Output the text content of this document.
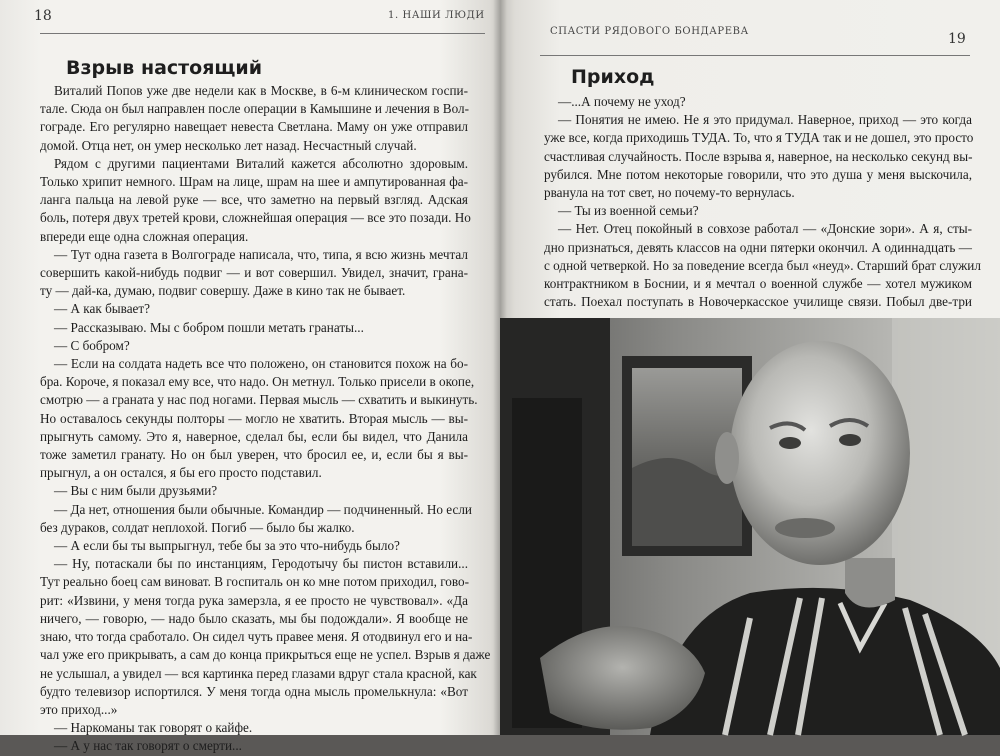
18	1. НАШИ ЛЮДИ
Взрыв настоящий
Виталий Попов уже две недели как в Москве, в 6-м клиническом госпи-
тале. Сюда он был направлен после операции в Камышине и лечения в Вол-
гограде. Его регулярно навещает невеста Светлана. Маму он уже отправил
домой. Отца нет, он умер несколько лет назад. Несчастный случай.
Рядом с другими пациентами Виталий кажется абсолютно здоровым.
Только хрипит немного. Шрам на лице, шрам на шее и ампутированная фа-
ланга пальца на левой руке — все, что заметно на первый взгляд. Адская
боль, потеря двух третей крови, сложнейшая операция — все это позади. Но
впереди еще одна сложная операция.
— Тут одна газета в Волгограде написала, что, типа, я всю жизнь мечтал
совершить какой-нибудь подвиг — и вот совершил. Увидел, значит, грана-
ту — дай-ка, думаю, подвиг совершу. Даже в кино так не бывает.
— А как бывает?
— Рассказываю. Мы с бобром пошли метать гранаты...
— С бобром?
— Если на солдата надеть все что положено, он становится похож на бо-
бра. Короче, я показал ему все, что надо. Он метнул. Только присели в окопе,
смотрю — а граната у нас под ногами. Первая мысль — схватить и выкинуть.
Но оставалось секунды полторы — могло не хватить. Вторая мысль — вы-
прыгнуть самому. Это я, наверное, сделал бы, если бы видел, что Данила
тоже заметил гранату. Но он был уверен, что бросил ее, и, если бы я вы-
прыгнул, а он остался, я бы его просто подставил.
— Вы с ним были друзьями?
— Да нет, отношения были обычные. Командир — подчиненный. Но если
без дураков, солдат неплохой. Погиб — было бы жалко.
— А если бы ты выпрыгнул, тебе бы за это что-нибудь было?
— Ну, потаскали бы по инстанциям, Геродотычу бы пистон вставили...
Тут реально боец сам виноват. В госпиталь он ко мне потом приходил, гово-
рит: «Извини, у меня тогда рука замерзла, я ее просто не чувствовал». «Да
ничего, — говорю, — надо было сказать, мы бы подождали». Я вообще не
знаю, что тогда сработало. Он сидел чуть правее меня. Я отодвинул его и на-
чал уже его прикрывать, а сам до конца прикрыться еще не успел. Взрыв я даже
не услышал, а увидел — вся картинка перед глазами вдруг стала красной, как
будто телевизор испортился. У меня тогда одна мысль промелькнула: «Вот
это приход...»
— Наркоманы так говорят о кайфе.
— А у нас так говорят о смерти...
СПАСТИ РЯДОВОГО БОНДАРЕВА	19
Приход
—...А почему не уход?
— Понятия не имею. Не я это придумал. Наверное, приход — это когда
уже все, когда приходишь ТУДА. То, что я ТУДА так и не дошел, это просто
счастливая случайность. После взрыва я, наверное, на несколько секунд вы-
рубился. Мне потом некоторые говорили, что это душа у меня выскочила,
рванула на тот свет, но почему-то вернулась.
— Ты из военной семьи?
— Нет. Отец покойный в совхозе работал — «Донские зори». А я, сты-
дно признаться, девять классов на одни пятерки окончил. А одиннадцать —
с одной четверкой. Но за поведение всегда был «неуд». Старший брат служил
контрактником в Боснии, и я мечтал о военной службе — хотел мужиком
стать. Поехал поступать в Новочеркасское училище связи. Побыл две-три
